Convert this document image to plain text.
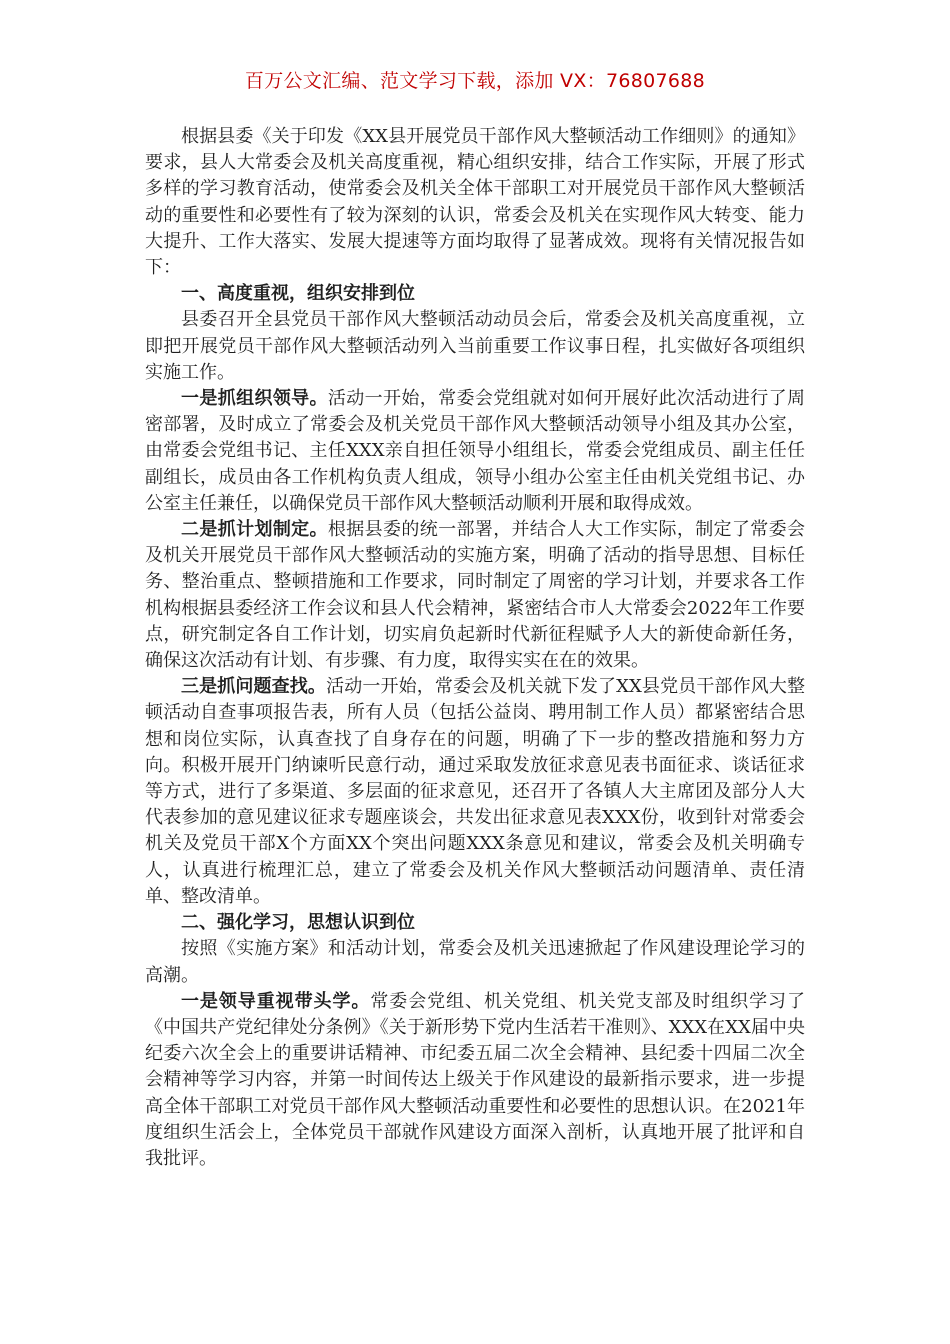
百万公文汇编、范文学习下载，添加 VX：76807688

根据县委《关于印发《XX县开展党员干部作风大整顿活动工作细则》的通知》要求，县人大常委会及机关高度重视，精心组织安排，结合工作实际，开展了形式多样的学习教育活动，使常委会及机关全体干部职工对开展党员干部作风大整顿活动的重要性和必要性有了较为深刻的认识，常委会及机关在实现作风大转变、能力大提升、工作大落实、发展大提速等方面均取得了显著成效。现将有关情况报告如下：

一、高度重视，组织安排到位

县委召开全县党员干部作风大整顿活动动员会后，常委会及机关高度重视，立即把开展党员干部作风大整顿活动列入当前重要工作议事日程，扎实做好各项组织实施工作。

一是抓组织领导。活动一开始，常委会党组就对如何开展好此次活动进行了周密部署，及时成立了常委会及机关党员干部作风大整顿活动领导小组及其办公室，由常委会党组书记、主任XXX亲自担任领导小组组长，常委会党组成员、副主任任副组长，成员由各工作机构负责人组成，领导小组办公室主任由机关党组书记、办公室主任兼任，以确保党员干部作风大整顿活动顺利开展和取得成效。

二是抓计划制定。根据县委的统一部署，并结合人大工作实际，制定了常委会及机关开展党员干部作风大整顿活动的实施方案，明确了活动的指导思想、目标任务、整治重点、整顿措施和工作要求，同时制定了周密的学习计划，并要求各工作机构根据县委经济工作会议和县人代会精神，紧密结合市人大常委会2022年工作要点，研究制定各自工作计划，切实肩负起新时代新征程赋予人大的新使命新任务，确保这次活动有计划、有步骤、有力度，取得实实在在的效果。

三是抓问题查找。活动一开始，常委会及机关就下发了XX县党员干部作风大整顿活动自查事项报告表，所有人员（包括公益岗、聘用制工作人员）都紧密结合思想和岗位实际，认真查找了自身存在的问题，明确了下一步的整改措施和努力方向。积极开展开门纳谏听民意行动，通过采取发放征求意见表书面征求、谈话征求等方式，进行了多渠道、多层面的征求意见，还召开了各镇人大主席团及部分人大代表参加的意见建议征求专题座谈会，共发出征求意见表XXX份，收到针对常委会机关及党员干部X个方面XX个突出问题XXX条意见和建议，常委会及机关明确专人，认真进行梳理汇总，建立了常委会及机关作风大整顿活动问题清单、责任清单、整改清单。

二、强化学习，思想认识到位

按照《实施方案》和活动计划，常委会及机关迅速掀起了作风建设理论学习的高潮。

一是领导重视带头学。常委会党组、机关党组、机关党支部及时组织学习了《中国共产党纪律处分条例》《关于新形势下党内生活若干准则》、XXX在XX届中央纪委六次全会上的重要讲话精神、市纪委五届二次全会精神、县纪委十四届二次全会精神等学习内容，并第一时间传达上级关于作风建设的最新指示要求，进一步提高全体干部职工对党员干部作风大整顿活动重要性和必要性的思想认识。在2021年度组织生活会上，全体党员干部就作风建设方面深入剖析，认真地开展了批评和自我批评。
